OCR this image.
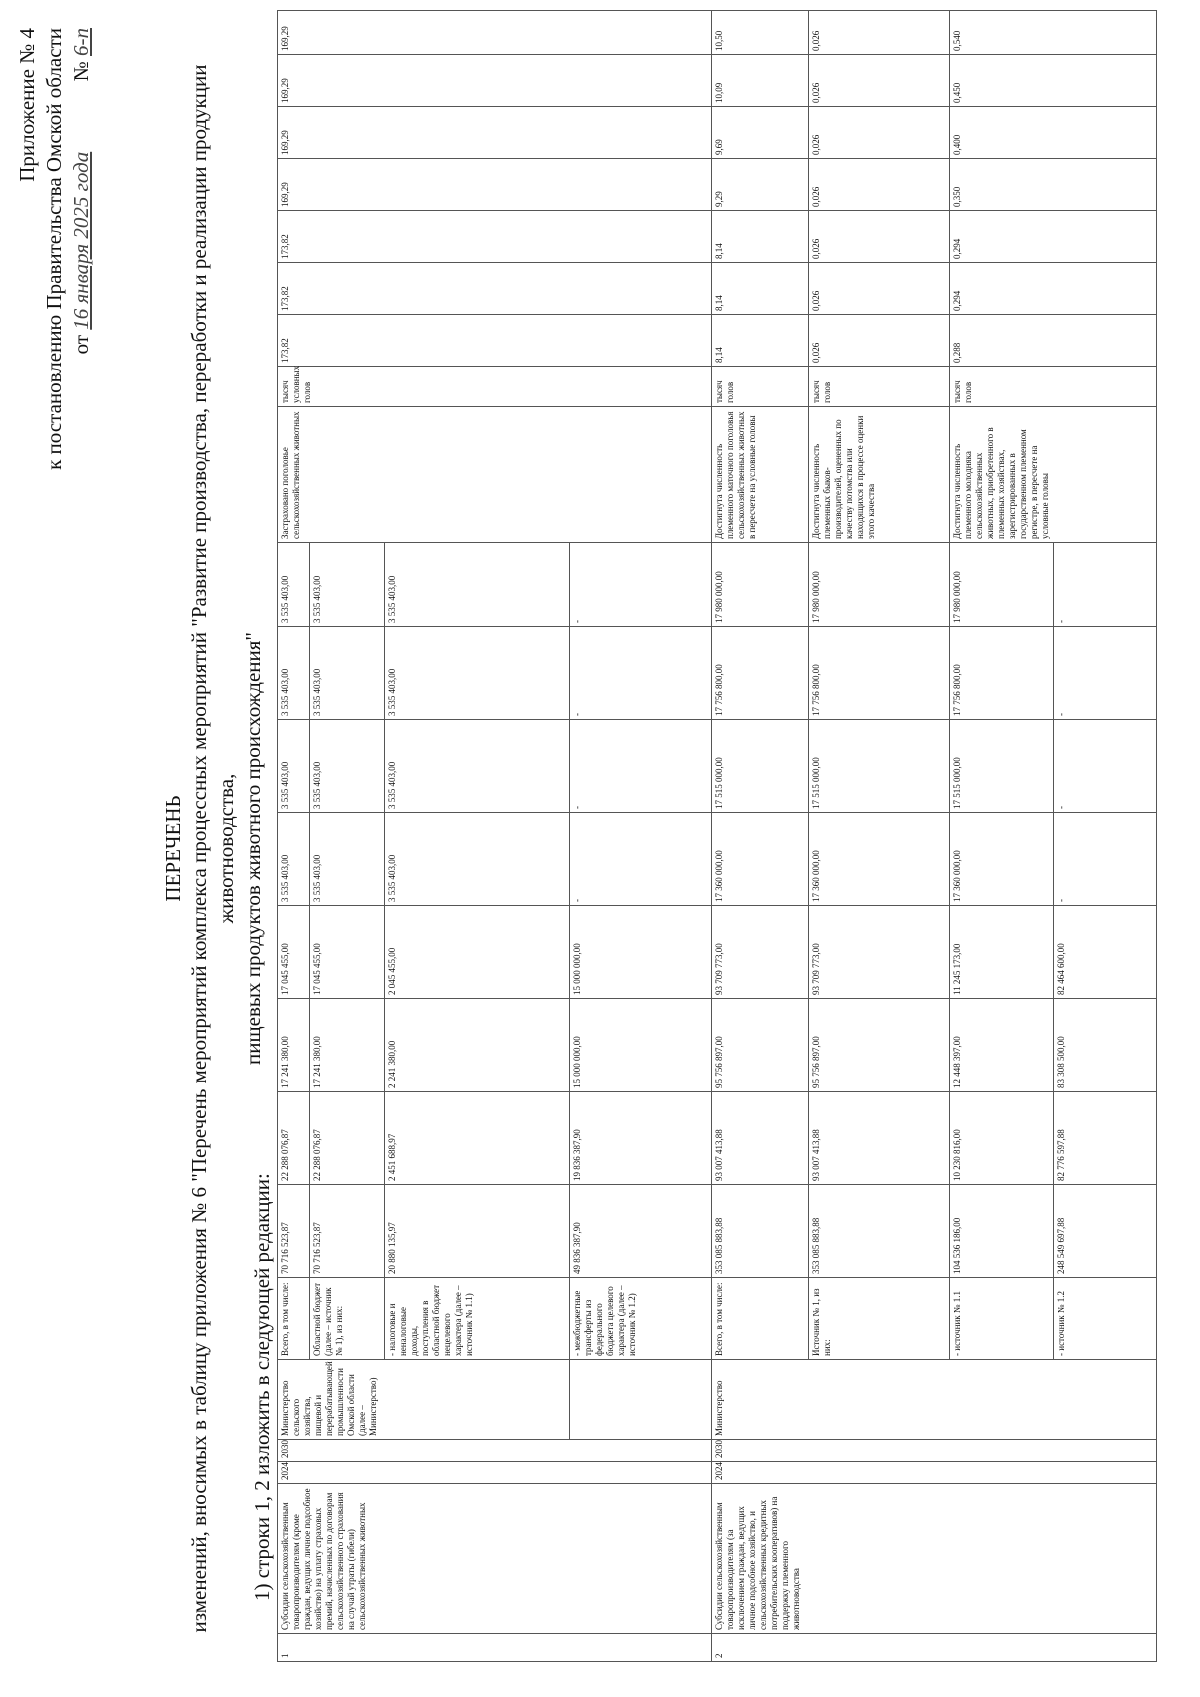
Приложение № 4 к постановлению Правительства Омской области от 16 января 2025 года  № 6-п
ПЕРЕЧЕНЬ изменений, вносимых в таблицу приложения № 6 "Перечень мероприятий комплекса процессных мероприятий "Развитие производства, переработки и реализации продукции животноводства, пищевых продуктов животного происхождения"
1) строки 1, 2 изложить в следующей редакции:
1	Субсидии сельскохозяйственным товаропроизводителям (кроме граждан, ведущих личное подсобное хозяйство) на уплату страховых премий, начисленных по договорам сельскохозяйственного страхования на случай утраты (гибели) сельскохозяйственных животных	2024	2030	Министерство сельского хозяйства, пищевой и перерабатывающей промышленности Омской области (далее – Министерство)	Всего, в том числе:	70 716 523,87	22 288 076,87	17 241 380,00	17 045 455,00	3 535 403,00	3 535 403,00	3 535 403,00	3 535 403,00	Застраховано поголовье сельскохозяйственных животных	тысяч условных голов	173,82	173,82	173,82	169,29	169,29	169,29	169,29
					Областной бюджет (далее – источник № 1), из них:	70 716 523,87	22 288 076,87	17 241 380,00	17 045 455,00	3 535 403,00	3 535 403,00	3 535 403,00	3 535 403,00									
					- налоговые и неналоговые доходы, поступления в областной бюджет нецелевого характера (далее – источник № 1.1)	20 880 135,97	2 451 688,97	2 241 380,00	2 045 455,00	3 535 403,00	3 535 403,00	3 535 403,00	3 535 403,00									
					- межбюджетные трансферты из федерального бюджета целевого характера (далее – источник № 1.2)	49 836 387,90	19 836 387,90	15 000 000,00	15 000 000,00	-	-	-	-									
2	Субсидии сельскохозяйственным товаропроизводителям (за исключением граждан, ведущих личное подсобное хозяйство, и сельскохозяйственных кредитных потребительских кооперативов) на поддержку племенного животноводства	2024	2030	Министерство	Всего, в том числе:	353 085 883,88	93 007 413,88	95 756 897,00	93 709 773,00	17 360 000,00	17 515 000,00	17 756 800,00	17 980 000,00	Достигнута численность племенного маточного поголовья сельскохозяйственных животных в пересчете на условные головы	тысяч голов	8,14	8,14	8,14	9,29	9,69	10,09	10,50
					Источник № 1, из них:	353 085 883,88	93 007 413,88	95 756 897,00	93 709 773,00	17 360 000,00	17 515 000,00	17 756 800,00	17 980 000,00	Достигнута численность племенных быков-производителей, оцененных по качеству потомства или находящихся в процессе оценки этого качества	тысяч голов	0,026	0,026	0,026	0,026	0,026	0,026	0,026
					- источник № 1.1	104 536 186,00	10 230 816,00	12 448 397,00	11 245 173,00	17 360 000,00	17 515 000,00	17 756 800,00	17 980 000,00	Достигнута численность племенного молодняка сельскохозяйственных животных, приобретенного в племенных хозяйствах, зарегистрированных в государственном племенном регистре, в пересчете на условные головы	тысяч голов	0,288	0,294	0,294	0,350	0,400	0,450	0,540
					- источник № 1.2	248 549 697,88	82 776 597,88	83 308 500,00	82 464 600,00	-	-	-	-									
